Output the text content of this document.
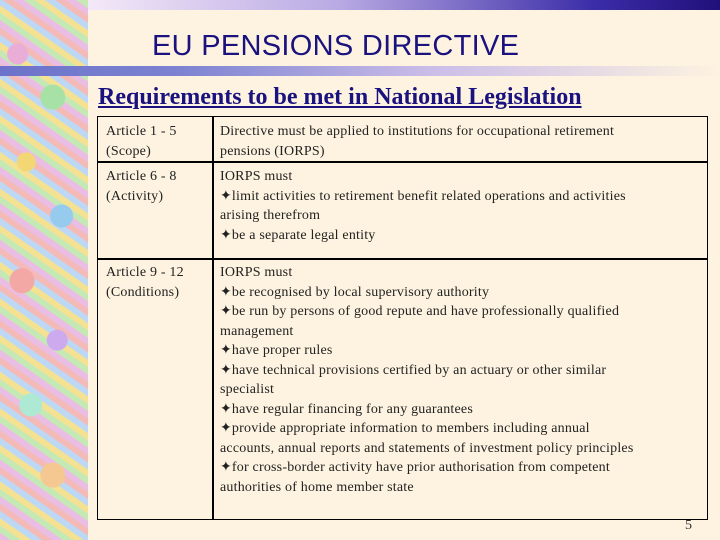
EU PENSIONS DIRECTIVE
Requirements to be met in National Legislation
Article 1 - 5
(Scope)
Directive must be applied to institutions for occupational retirement
pensions (IORPS)
Article 6 - 8
(Activity)
IORPS must
✦limit activities to retirement benefit related operations and activities
arising therefrom
✦be a separate legal entity
Article 9 - 12
(Conditions)
IORPS must
✦be recognised by local supervisory authority
✦be run by persons of good repute and have professionally qualified
management
✦have proper rules
✦have technical provisions certified by an actuary or other similar
specialist
✦have regular financing for any guarantees
✦provide appropriate information to members including annual
accounts, annual reports and statements of investment policy principles
✦for cross-border activity have prior authorisation from competent
authorities of home member state
5
